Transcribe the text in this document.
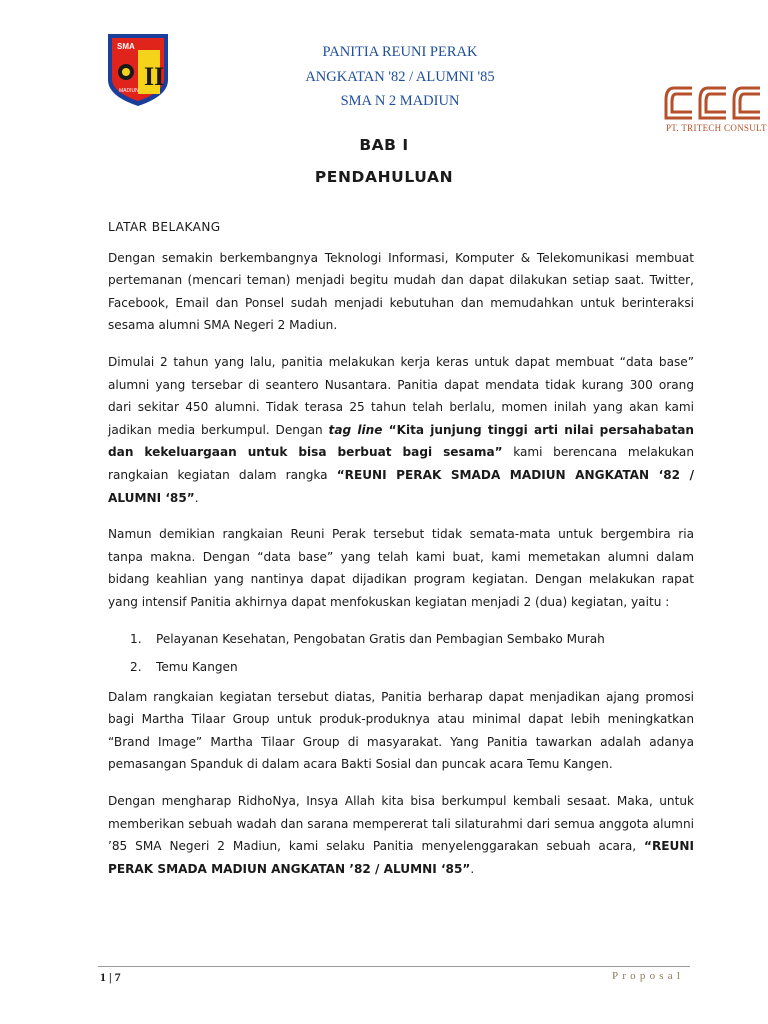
II
SMA
MADIUN
PANITIA REUNI PERAK
ANGKATAN '82 / ALUMNI '85
SMA N 2 MADIUN
PT. TRITECH CONSULT
BAB I
PENDAHULUAN
LATAR BELAKANG

Dengan semakin berkembangnya Teknologi Informasi, Komputer & Telekomunikasi membuat pertemanan (mencari teman) menjadi begitu mudah dan dapat dilakukan setiap saat. Twitter, Facebook, Email dan Ponsel sudah menjadi kebutuhan dan memudahkan untuk berinteraksi sesama alumni SMA Negeri 2 Madiun.

Dimulai 2 tahun yang lalu, panitia melakukan kerja keras untuk dapat membuat “data base” alumni yang tersebar di seantero Nusantara. Panitia dapat mendata tidak kurang 300 orang dari sekitar 450 alumni. Tidak terasa 25 tahun telah berlalu, momen inilah yang akan kami jadikan media berkumpul. Dengan tag line “Kita junjung tinggi arti nilai persahabatan dan kekeluargaan untuk bisa berbuat bagi sesama” kami berencana melakukan rangkaian kegiatan dalam rangka “REUNI PERAK SMADA MADIUN ANGKATAN ‘82 / ALUMNI ‘85”.

Namun demikian rangkaian Reuni Perak tersebut tidak semata-mata untuk bergembira ria tanpa makna. Dengan “data base” yang telah kami buat, kami memetakan alumni dalam bidang keahlian yang nantinya dapat dijadikan program kegiatan. Dengan melakukan rapat yang intensif Panitia akhirnya dapat menfokuskan kegiatan menjadi 2 (dua) kegiatan, yaitu :

1.	Pelayanan Kesehatan, Pengobatan Gratis dan Pembagian Sembako Murah
2.	Temu Kangen

Dalam rangkaian kegiatan tersebut diatas, Panitia berharap dapat menjadikan ajang promosi bagi Martha Tilaar Group untuk produk-produknya atau minimal dapat lebih meningkatkan “Brand Image” Martha Tilaar Group di masyarakat. Yang Panitia tawarkan adalah adanya pemasangan Spanduk di dalam acara Bakti Sosial dan puncak acara Temu Kangen.

Dengan mengharap RidhoNya, Insya Allah kita bisa berkumpul kembali sesaat. Maka, untuk memberikan sebuah wadah dan sarana mempererat tali silaturahmi dari semua anggota alumni ’85 SMA Negeri 2 Madiun, kami selaku Panitia menyelenggarakan sebuah acara, “REUNI PERAK SMADA MADIUN ANGKATAN ’82 / ALUMNI ‘85”.

1 | 7	Proposal
